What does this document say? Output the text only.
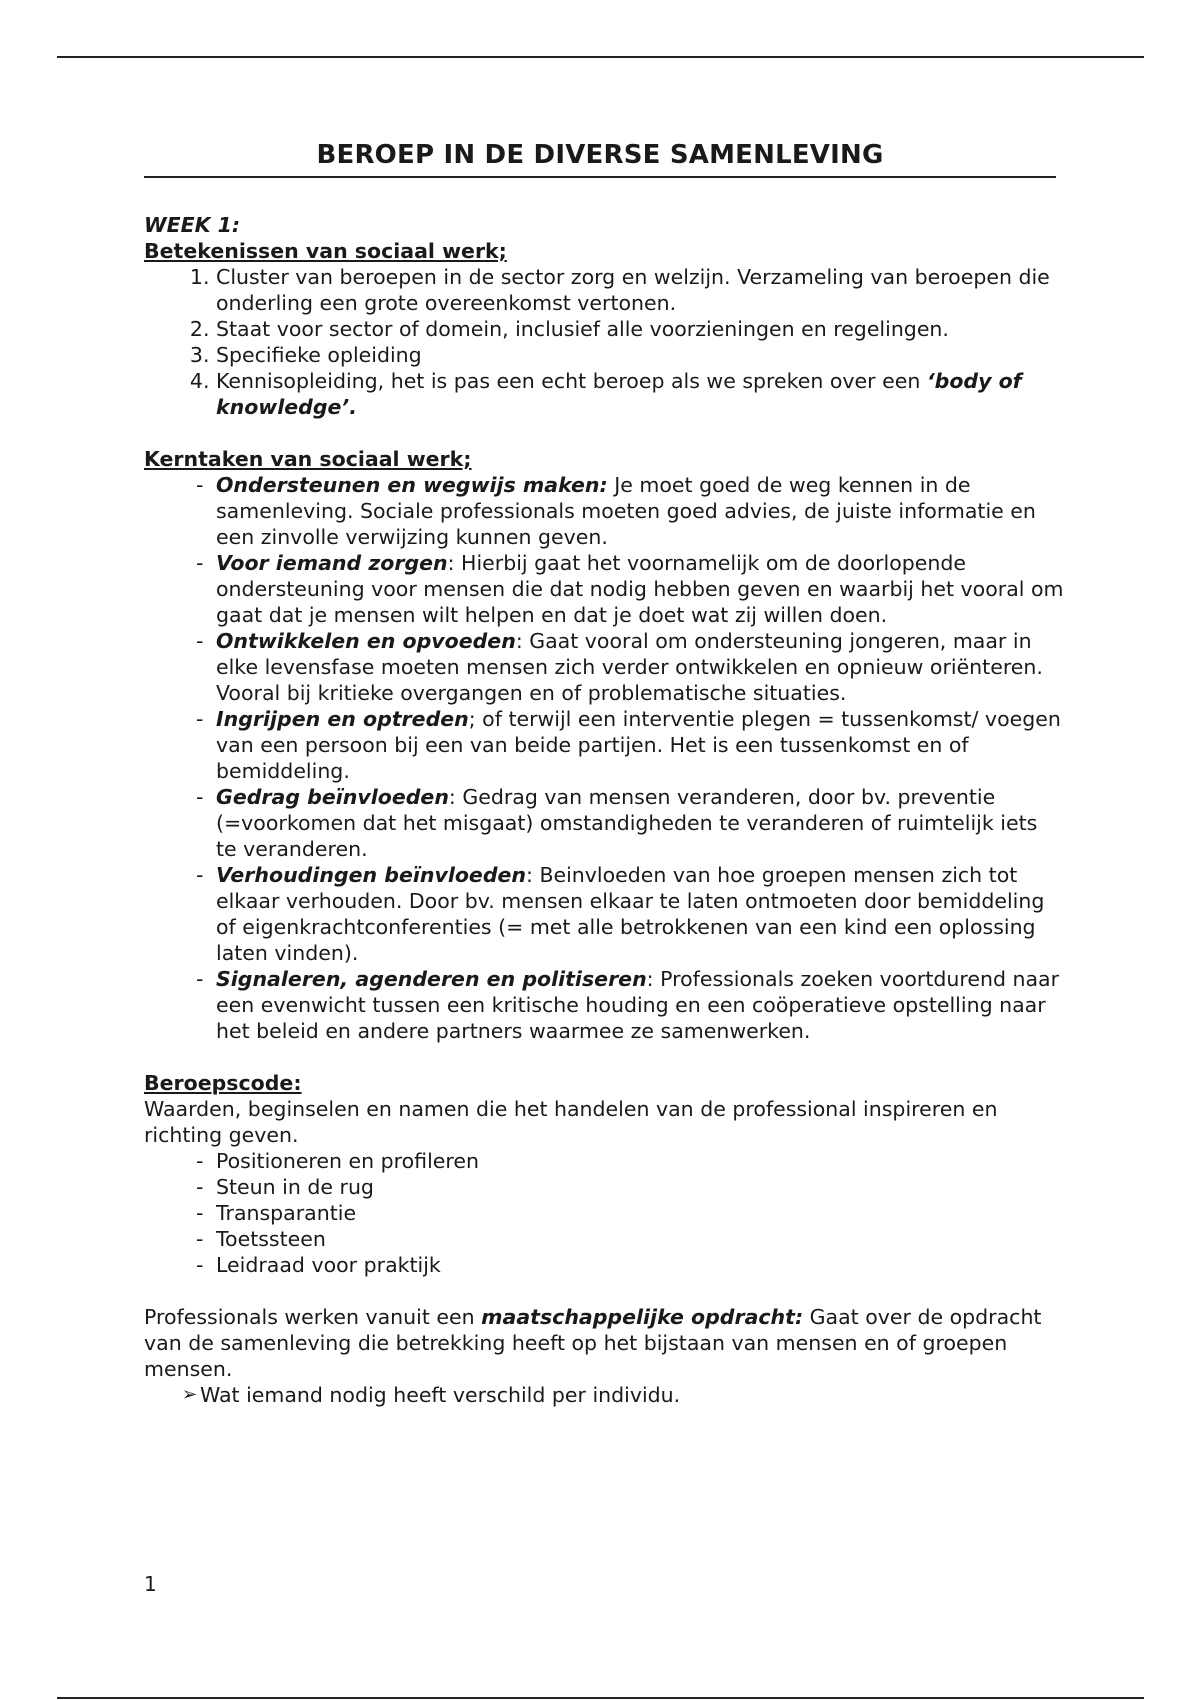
BEROEP IN DE DIVERSE SAMENLEVING
WEEK 1:
Betekenissen van sociaal werk;
1. Cluster van beroepen in de sector zorg en welzijn. Verzameling van beroepen die onderling een grote overeenkomst vertonen.
2. Staat voor sector of domein, inclusief alle voorzieningen en regelingen.
3. Specifieke opleiding
4. Kennisopleiding, het is pas een echt beroep als we spreken over een ‘body of knowledge’.
Kerntaken van sociaal werk;
- Ondersteunen en wegwijs maken: Je moet goed de weg kennen in de samenleving. Sociale professionals moeten goed advies, de juiste informatie en een zinvolle verwijzing kunnen geven.
- Voor iemand zorgen: Hierbij gaat het voornamelijk om de doorlopende ondersteuning voor mensen die dat nodig hebben geven en waarbij het vooral om gaat dat je mensen wilt helpen en dat je doet wat zij willen doen.
- Ontwikkelen en opvoeden: Gaat vooral om ondersteuning jongeren, maar in elke levensfase moeten mensen zich verder ontwikkelen en opnieuw oriënteren. Vooral bij kritieke overgangen en of problematische situaties.
- Ingrijpen en optreden; of terwijl een interventie plegen = tussenkomst/ voegen van een persoon bij een van beide partijen. Het is een tussenkomst en of bemiddeling.
- Gedrag beïnvloeden: Gedrag van mensen veranderen, door bv. preventie (=voorkomen dat het misgaat) omstandigheden te veranderen of ruimtelijk iets te veranderen.
- Verhoudingen beïnvloeden: Beinvloeden van hoe groepen mensen zich tot elkaar verhouden. Door bv. mensen elkaar te laten ontmoeten door bemiddeling of eigenkrachtconferenties (= met alle betrokkenen van een kind een oplossing laten vinden).
- Signaleren, agenderen en politiseren: Professionals zoeken voortdurend naar een evenwicht tussen een kritische houding en een coöperatieve opstelling naar het beleid en andere partners waarmee ze samenwerken.
Beroepscode:
Waarden, beginselen en namen die het handelen van de professional inspireren en richting geven.
- Positioneren en profileren
- Steun in de rug
- Transparantie
- Toetssteen
- Leidraad voor praktijk
Professionals werken vanuit een maatschappelijke opdracht: Gaat over de opdracht van de samenleving die betrekking heeft op het bijstaan van mensen en of groepen mensen.
➢ Wat iemand nodig heeft verschild per individu.
1
